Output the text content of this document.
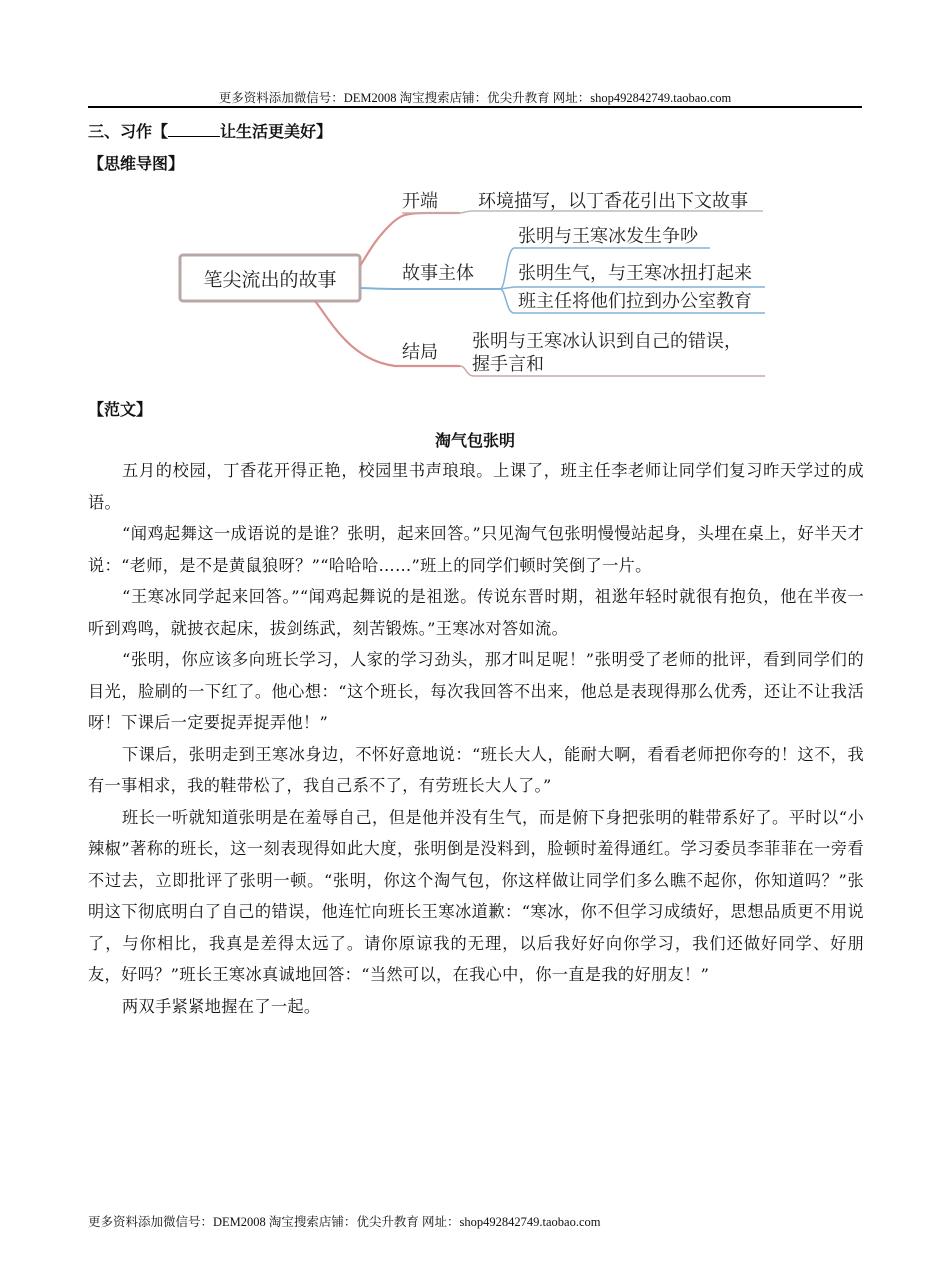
更多资料添加微信号：DEM2008 淘宝搜索店铺：优尖升教育 网址：shop492842749.taobao.com
三、习作【	让生活更美好】
【思维导图】
笔尖流出的故事
开端 环境描写，以丁香花引出下文故事
故事主体
张明与王寒冰发生争吵
张明生气，与王寒冰扭打起来
班主任将他们拉到办公室教育
结局
张明与王寒冰认识到自己的错误，
握手言和
【范文】
淘气包张明

五月的校园，丁香花开得正艳，校园里书声琅琅。上课了，班主任李老师让同学们复习昨天学过的成语。

“闻鸡起舞这一成语说的是谁？张明，起来回答。”只见淘气包张明慢慢站起身，头埋在桌上，好半天才说：“老师，是不是黄鼠狼呀？”“哈哈哈……”班上的同学们顿时笑倒了一片。

“王寒冰同学起来回答。”“闻鸡起舞说的是祖逖。传说东晋时期，祖逖年轻时就很有抱负，他在半夜一听到鸡鸣，就披衣起床，拔剑练武，刻苦锻炼。”王寒冰对答如流。

“张明，你应该多向班长学习，人家的学习劲头，那才叫足呢！”张明受了老师的批评，看到同学们的目光，脸刷的一下红了。他心想：“这个班长，每次我回答不出来，他总是表现得那么优秀，还让不让我活呀！下课后一定要捉弄捉弄他！”

下课后，张明走到王寒冰身边，不怀好意地说：“班长大人，能耐大啊，看看老师把你夸的！这不，我有一事相求，我的鞋带松了，我自己系不了，有劳班长大人了。”

班长一听就知道张明是在羞辱自己，但是他并没有生气，而是俯下身把张明的鞋带系好了。平时以“小辣椒”著称的班长，这一刻表现得如此大度，张明倒是没料到，脸顿时羞得通红。学习委员李菲菲在一旁看不过去，立即批评了张明一顿。“张明，你这个淘气包，你这样做让同学们多么瞧不起你，你知道吗？”张明这下彻底明白了自己的错误，他连忙向班长王寒冰道歉：“寒冰，你不但学习成绩好，思想品质更不用说了，与你相比，我真是差得太远了。请你原谅我的无理，以后我好好向你学习，我们还做好同学、好朋友，好吗？”班长王寒冰真诚地回答：“当然可以，在我心中，你一直是我的好朋友！”

两双手紧紧地握在了一起。

更多资料添加微信号：DEM2008 淘宝搜索店铺：优尖升教育 网址：shop492842749.taobao.com
